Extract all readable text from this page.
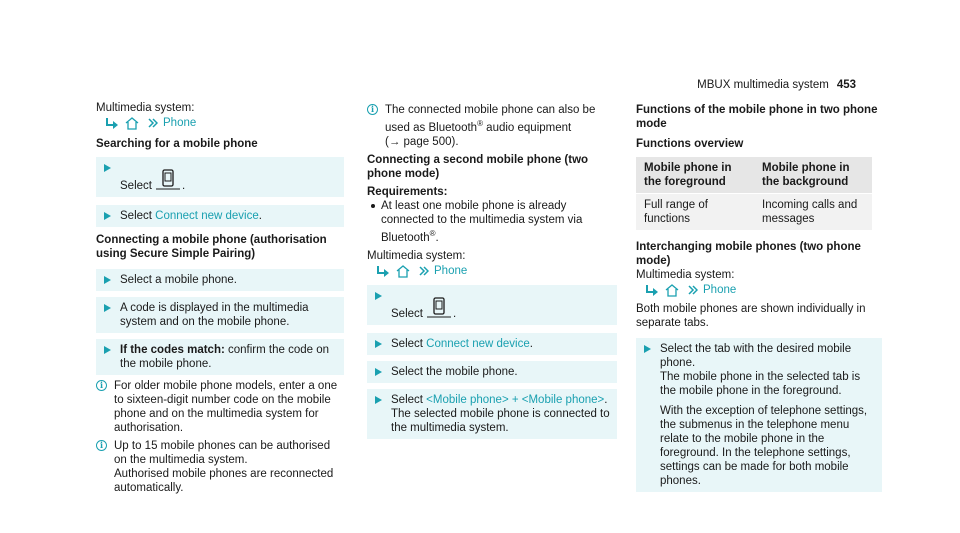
MBUX multimedia system 453

Multimedia system:

Phone

Searching for a mobile phone

Select	.
Select Connect new device.

Connecting a mobile phone (authorisation using Secure Simple Pairing)

Select a mobile phone.
A code is displayed in the multimedia system and on the mobile phone.
If the codes match: confirm the code on the mobile phone.
i For older mobile phone models, enter a one to sixteen-digit number code on the mobile phone and on the multimedia system for authorisation.
i Up to 15 mobile phones can be authorised on the multimedia system.
Authorised mobile phones are reconnected automatically.
i The connected mobile phone can also be used as Bluetooth® audio equipment
(→ page 500).

Connecting a second mobile phone (two phone mode)

Requirements:

At least one mobile phone is already connected to the multimedia system via Bluetooth®.

Multimedia system:

Phone
Select	.
Select Connect new device.
Select the mobile phone.
Select <Mobile phone> + <Mobile phone>.
The selected mobile phone is connected to the multimedia system.

Functions of the mobile phone in two phone mode

Functions overview

Mobile phone in the foreground	Mobile phone in the background
Full range of functions	Incoming calls and messages

Interchanging mobile phones (two phone mode)

Multimedia system:

Phone

Both mobile phones are shown individually in separate tabs.

Select the tab with the desired mobile phone.
The mobile phone in the selected tab is the mobile phone in the foreground.
With the exception of telephone settings, the submenus in the telephone menu relate to the mobile phone in the foreground. In the telephone settings, settings can be made for both mobile phones.
